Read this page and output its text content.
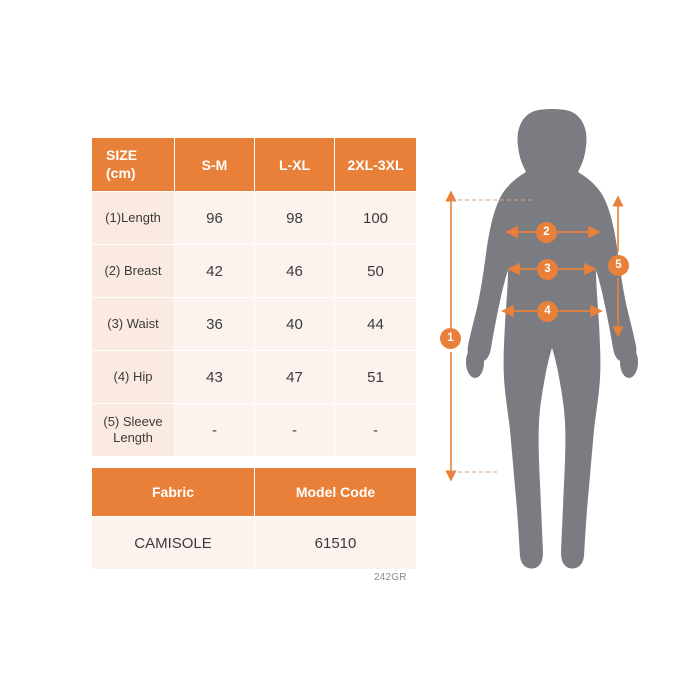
SIZE
(cm)	S-M	L-XL	2XL-3XL
(1)Length	96	98	100
(2) Breast	42	46	50
(3) Waist	36	40	44
(4) Hip	43	47	51

(5) Sleeve
Length	-	-	-
Fabric	Model Code
CAMISOLE	61510
242GR
1
2
3
4
5
